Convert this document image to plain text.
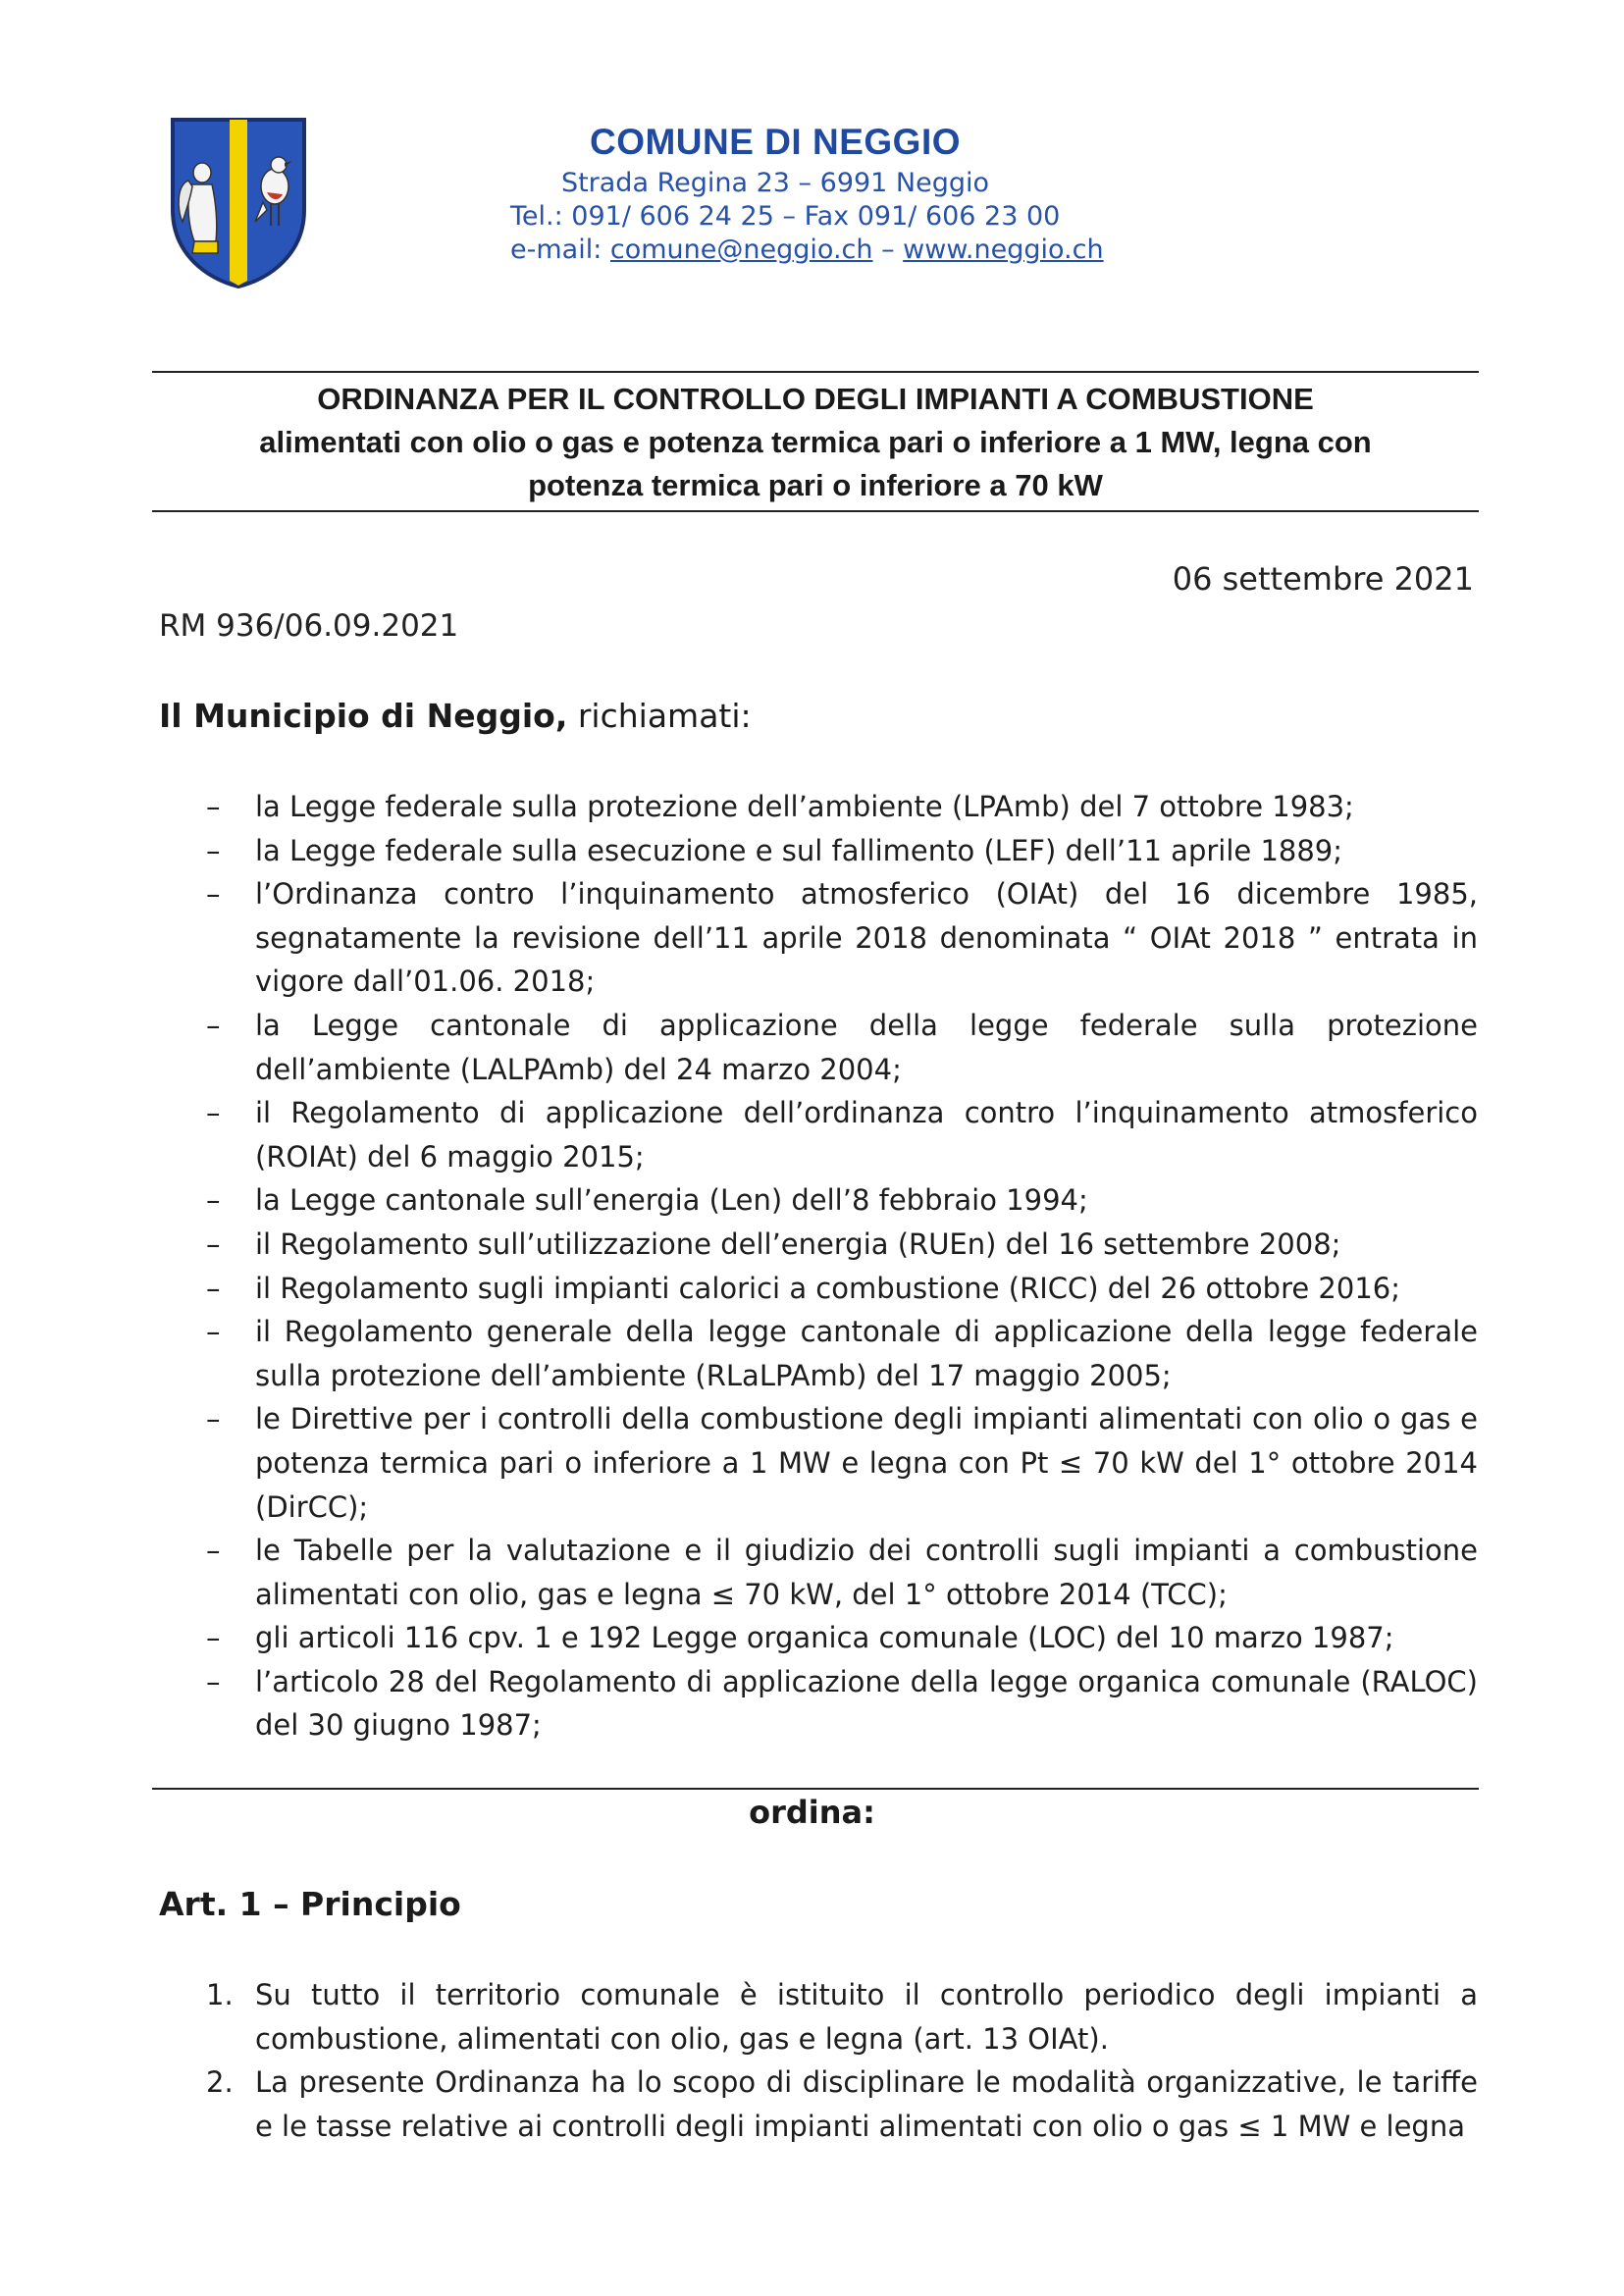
COMUNE DI NEGGIO
Strada Regina 23 – 6991 Neggio
Tel.: 091/ 606 24 25 – Fax 091/ 606 23 00
e-mail: comune@neggio.ch – www.neggio.ch
ORDINANZA PER IL CONTROLLO DEGLI IMPIANTI A COMBUSTIONE
alimentati con olio o gas e potenza termica pari o inferiore a 1 MW, legna con
potenza termica pari o inferiore a 70 kW
06 settembre 2021
RM 936/06.09.2021
Il Municipio di Neggio, richiamati:
– la Legge federale sulla protezione dell’ambiente (LPAmb) del 7 ottobre 1983;
– la Legge federale sulla esecuzione e sul fallimento (LEF) dell’11 aprile 1889;
– l’Ordinanza contro l’inquinamento atmosferico (OIAt) del 16 dicembre 1985, segnatamente la revisione dell’11 aprile 2018 denominata “ OIAt 2018 ” entrata in vigore dall’01.06. 2018;
– la Legge cantonale di applicazione della legge federale sulla protezione dell’ambiente (LALPAmb) del 24 marzo 2004;
– il Regolamento di applicazione dell’ordinanza contro l’inquinamento atmosferico (ROIAt) del 6 maggio 2015;
– la Legge cantonale sull’energia (Len) dell’8 febbraio 1994;
– il Regolamento sull’utilizzazione dell’energia (RUEn) del 16 settembre 2008;
– il Regolamento sugli impianti calorici a combustione (RICC) del 26 ottobre 2016;
– il Regolamento generale della legge cantonale di applicazione della legge federale sulla protezione dell’ambiente (RLaLPAmb) del 17 maggio 2005;
– le Direttive per i controlli della combustione degli impianti alimentati con olio o gas e potenza termica pari o inferiore a 1 MW e legna con Pt ≤ 70 kW del 1° ottobre 2014 (DirCC);
– le Tabelle per la valutazione e il giudizio dei controlli sugli impianti a combustione alimentati con olio, gas e legna ≤ 70 kW, del 1° ottobre 2014 (TCC);
– gli articoli 116 cpv. 1 e 192 Legge organica comunale (LOC) del 10 marzo 1987;
– l’articolo 28 del Regolamento di applicazione della legge organica comunale (RALOC) del 30 giugno 1987;
ordina:
Art. 1 – Principio
1. Su tutto il territorio comunale è istituito il controllo periodico degli impianti a combustione, alimentati con olio, gas e legna (art. 13 OIAt).
2. La presente Ordinanza ha lo scopo di disciplinare le modalità organizzative, le tariffe e le tasse relative ai controlli degli impianti alimentati con olio o gas ≤ 1 MW e legna
